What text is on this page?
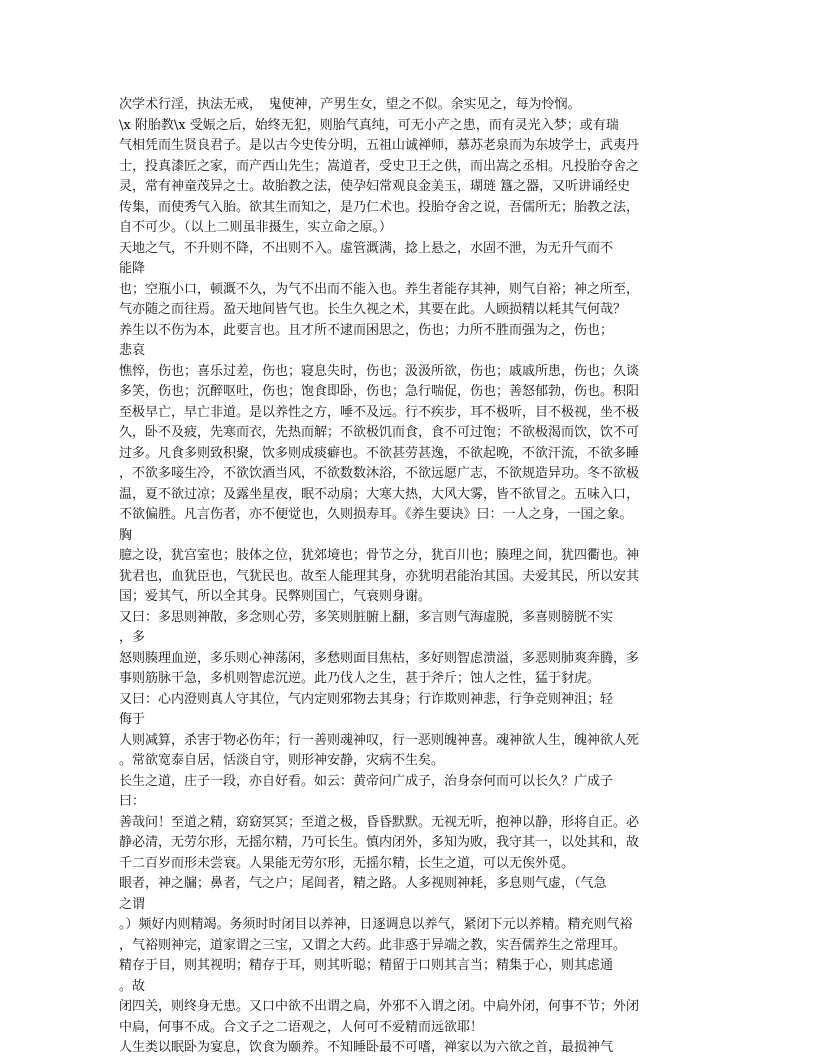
次学术行淫，执法无戒，　鬼使神，产男生女，望之不似。余实见之，每为怜悯。
\x 附胎教\x 受娠之后，始终无犯，则胎气真纯，可无小产之患，而有灵光入梦；或有瑞
气相凭而生贤良君子。是以古今史传分明，五祖山诚禅师，慕苏老泉而为东坡学士，武夷丹
士，投真漆匠之家，而产西山先生；嵩道者，受史卫王之供，而出嵩之丞相。凡投胎夺舍之
灵，常有神童茂异之士。故胎教之法，使孕妇常观良金美玉，瑚琏 簋之器，又听讲诵经史
传集，而使秀气入胎。欲其生而知之，是乃仁术也。投胎夺舍之说，吾儒所无；胎教之法，
自不可少。（以上二则虽非摄生，实立命之原。）
天地之气，不升则不降，不出则不入。虚管溉满，捻上悬之，水固不泄，为无升气而不
能降
也；空瓶小口，顿溉不久，为气不出而不能入也。养生者能存其神，则气自裕；神之所至，
气亦随之而往焉。盈天地间皆气也。长生久视之术，其要在此。人顾损精以耗其气何哉？
养生以不伤为本，此要言也。且才所不逮而困思之，伤也；力所不胜而强为之，伤也；
悲哀
憔悴，伤也；喜乐过差，伤也；寝息失时，伤也；汲汲所欲，伤也；戚戚所患，伤也；久谈
多笑，伤也；沉醉呕吐，伤也；饱食即卧，伤也；急行喘促，伤也；善怒郁勃，伤也。积阳
至极早亡，早亡非道。是以养性之方，唾不及远。行不疾步，耳不极听，目不极视，坐不极
久，卧不及疲，先寒而衣，先热而解；不欲极饥而食，食不可过饱；不欲极渴而饮，饮不可
过多。凡食多则致积聚，饮多则成痰癖也。不欲甚劳甚逸，不欲起晚，不欲汗流，不欲多睡
，不欲多唼生冷，不欲饮酒当风，不欲数数沐浴，不欲远愿广志，不欲规造异功。冬不欲极
温，夏不欲过凉；及露坐星夜，眠不动扇；大寒大热，大风大雾，皆不欲冒之。五味入口，
不欲偏胜。凡言伤者，亦不便觉也，久则损寿耳。《养生要诀》曰：一人之身，一国之象。
胸
臆之设，犹宫室也；肢体之位，犹郊境也；骨节之分，犹百川也；腠理之间，犹四衢也。神
犹君也，血犹臣也，气犹民也。故至人能理其身，亦犹明君能治其国。夫爱其民，所以安其
国；爱其气，所以全其身。民弊则国亡，气衰则身谢。
又曰：多思则神散，多念则心劳，多笑则脏腑上翻，多言则气海虚脱，多喜则膀胱不实
，多
怒则腠理血逆，多乐则心神荡闲，多愁则面目焦枯，多好则智虑溃溢，多恶则肺爽奔腾，多
事则筋脉干急，多机则智虑沉逆。此乃伐人之生，甚于斧斤；蚀人之性，猛于豺虎。
又曰：心内澄则真人守其位，气内定则邪物去其身；行诈欺则神悲，行争竞则神沮；轻
侮于
人则减算，杀害于物必伤年；行一善则魂神叹，行一恶则魄神喜。魂神欲人生，魄神欲人死
。常欲宽泰自居，恬淡自守，则形神安静，灾病不生矣。
长生之道，庄子一段，亦自好看。如云：黄帝问广成子，治身奈何而可以长久？广成子
曰：
善哉问！至道之精，窈窈冥冥；至道之极，昏昏默默。无视无听，抱神以静，形将自正。必
静必清，无劳尔形，无摇尔精，乃可长生。慎内闭外，多知为败，我守其一，以处其和，故
千二百岁而形未尝衰。人果能无劳尔形，无摇尔精，长生之道，可以无俟外觅。
眼者，神之牖；鼻者，气之户；尾闾者，精之路。人多视则神耗，多息则气虚，（气急
之谓
。）频好内则精竭。务须时时闭目以养神，日逐调息以养气，紧闭下元以养精。精充则气裕
，气裕则神完，道家谓之三宝，又谓之大药。此非惑于异端之教，实吾儒养生之常理耳。
精存于目，则其视明；精存于耳，则其听聪；精留于口则其言当；精集于心，则其虑通
。故
闭四关，则终身无患。又口中欲不出谓之扃，外邪不入谓之闭。中扃外闭，何事不节；外闭
中扃，何事不成。合文子之二语观之，人何可不爱精而远欲耶！
人生类以眠卧为宴息，饮食为颐养。不知睡卧最不可嗜，禅家以为六欲之首，最损神气
